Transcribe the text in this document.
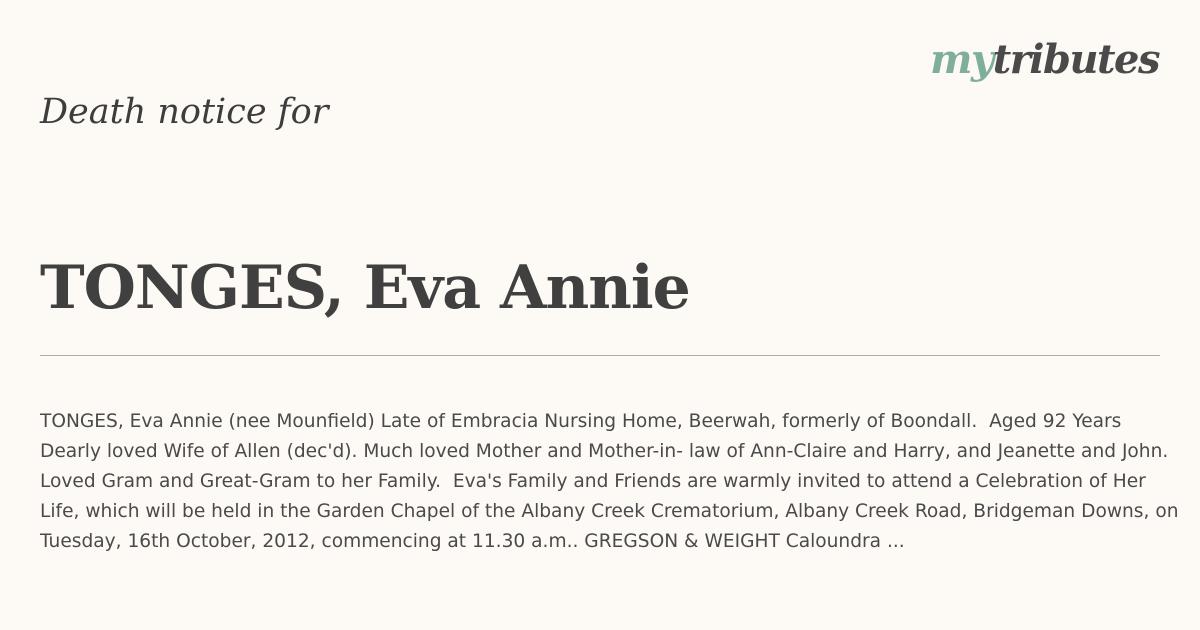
mytributes
Death notice for
TONGES, Eva Annie

TONGES, Eva Annie (nee Mounfield) Late of Embracia Nursing Home, Beerwah, formerly of Boondall.  Aged 92 Years Dearly loved Wife of Allen (dec'd). Much loved Mother and Mother-in- law of Ann-Claire and Harry, and Jeanette and John.  Loved Gram and Great-Gram to her Family.  Eva's Family and Friends are warmly invited to attend a Celebration of Her Life, which will be held in the Garden Chapel of the Albany Creek Crematorium, Albany Creek Road, Bridgeman Downs, on Tuesday, 16th October, 2012, commencing at 11.30 a.m.. GREGSON & WEIGHT Caloundra ...
